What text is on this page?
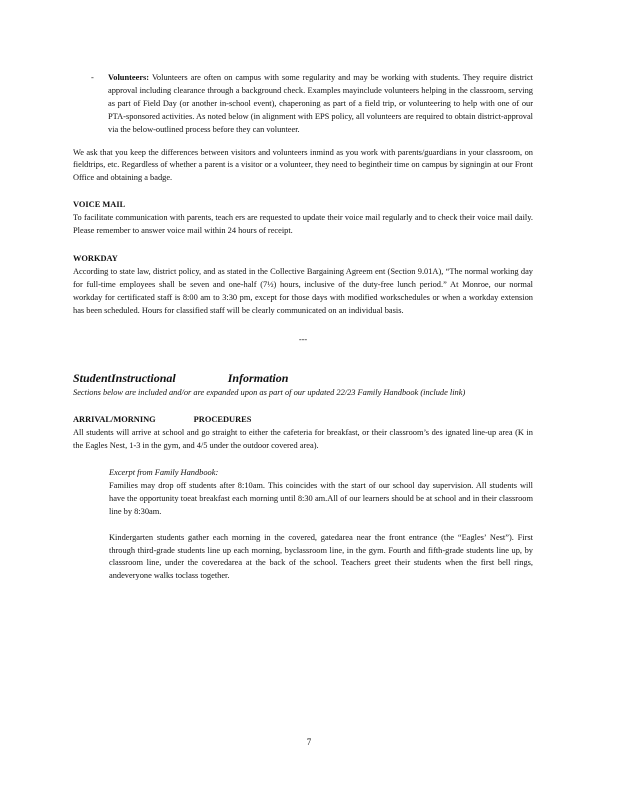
- Volunteers: Volunteers are often on campus with some regularity and may be working with students. They require district approval including clearance through a background check. Examples mayinclude volunteers helping in the classroom, serving as part of Field Day (or another in-school event), chaperoning as part of a field trip, or volunteering to help with one of our PTA-sponsored activities. As noted below (in alignment with EPS policy, all volunteers are required to obtain district-approval via the below-outlined process before they can volunteer.

We ask that you keep the differences between visitors and volunteers inmind as you work with parents/guardians in your classroom, on fieldtrips, etc. Regardless of whether a parent is a visitor or a volunteer, they need to begintheir time on campus by signingin at our Front Office and obtaining a badge.

VOICE MAIL

To facilitate communication with parents, teach ers are requested to update their voice mail regularly and to check their voice mail daily. Please remember to answer voice mail within 24 hours of receipt.

WORKDAY

According to state law, district policy, and as stated in the Collective Bargaining Agreem ent (Section 9.01A), “The normal working day for full-time employees shall be seven and one-half (7½) hours, inclusive of the duty-free lunch period.” At Monroe, our normal workday for certificated staff is 8:00 am to 3:30 pm, except for those days with modified workschedules or when a workday extension has been scheduled. Hours for classified staff will be clearly communicated on an individual basis.

---

StudentInstructional	Information

Sections below are included and/or are expanded upon as part of our updated 22/23 Family Handbook (include link)

ARRIVAL/MORNING	PROCEDURES

All students will arrive at school and go straight to either the cafeteria for breakfast, or their classroom’s des ignated line-up area (K in the Eagles Nest, 1-3 in the gym, and 4/5 under the outdoor covered area).

Excerpt from Family Handbook:

Families may drop off students after 8:10am. This coincides with the start of our school day supervision. All students will have the opportunity toeat breakfast each morning until 8:30 am.All of our learners should be at school and in their classroom line by 8:30am.

Kindergarten students gather each morning in the covered, gatedarea near the front entrance (the “Eagles’ Nest”). First through third-grade students line up each morning, byclassroom line, in the gym. Fourth and fifth-grade students line up, by classroom line, under the coveredarea at the back of the school. Teachers greet their students when the first bell rings, andeveryone walks toclass together.

7
